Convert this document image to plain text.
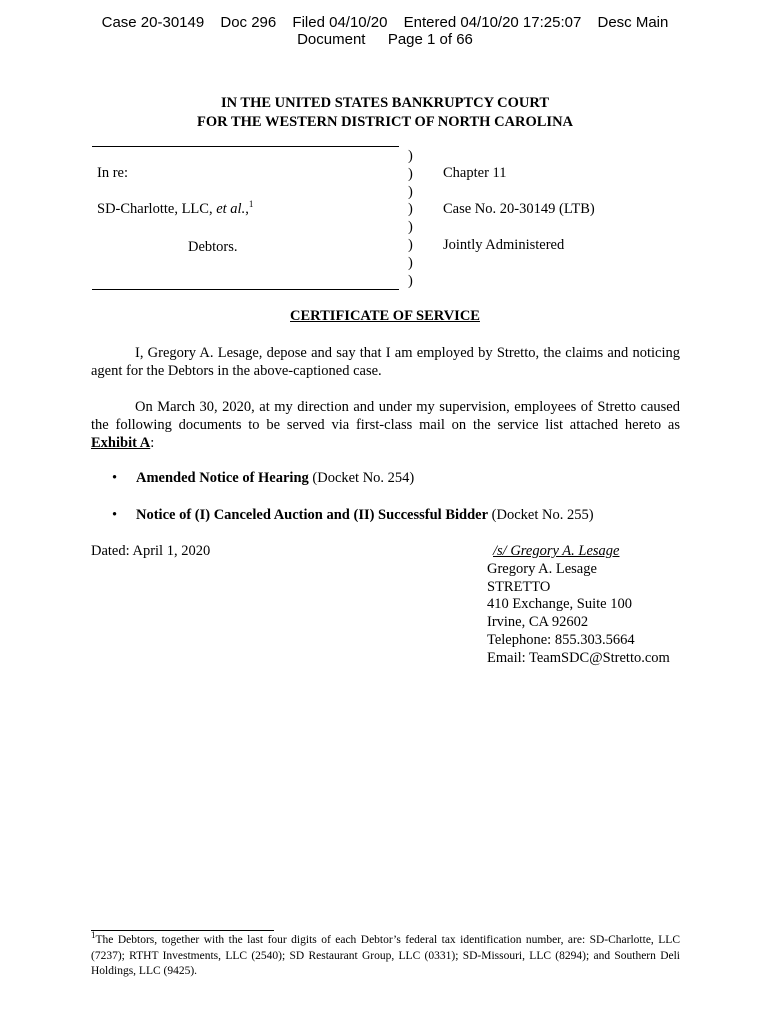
Case 20-30149 Doc 296 Filed 04/10/20 Entered 04/10/20 17:25:07 Desc Main
Document Page 1 of 66
IN THE UNITED STATES BANKRUPTCY COURT
FOR THE WESTERN DISTRICT OF NORTH CAROLINA
In re:
SD-Charlotte, LLC, et al.,$^1$
Debtors.
)
)
)
)
)
)
)
)
Chapter 11
Case No. 20-30149 (LTB)
Jointly Administered
CERTIFICATE OF SERVICE
I, Gregory A. Lesage, depose and say that I am employed by Stretto, the claims and noticing agent for the Debtors in the above-captioned case.
On March 30, 2020, at my direction and under my supervision, employees of Stretto caused the following documents to be served via first-class mail on the service list attached hereto as Exhibit A:
• Amended Notice of Hearing (Docket No. 254)
• Notice of (I) Canceled Auction and (II) Successful Bidder (Docket No. 255)
Dated: April 1, 2020	/s/ Gregory A. Lesage
Gregory A. Lesage
STRETTO
410 Exchange, Suite 100
Irvine, CA 92602
Telephone: 855.303.5664
Email: TeamSDC@Stretto.com
$^1$The Debtors, together with the last four digits of each Debtor’s federal tax identification number, are: SD-Charlotte, LLC (7237); RTHT Investments, LLC (2540); SD Restaurant Group, LLC (0331); SD-Missouri, LLC (8294); and Southern Deli Holdings, LLC (9425).
